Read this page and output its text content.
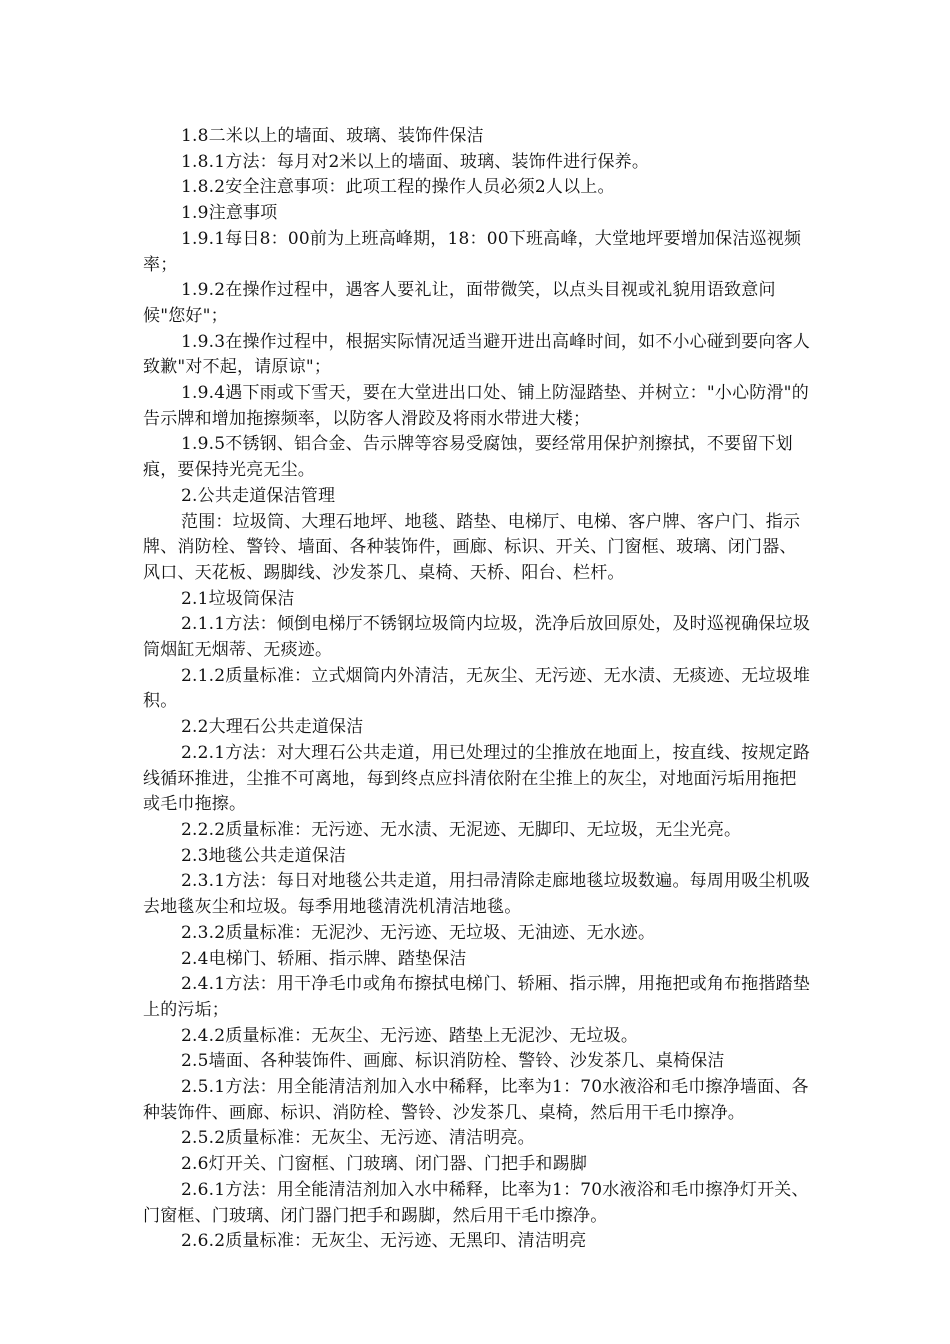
1.8二米以上的墙面、玻璃、装饰件保洁

1.8.1方法：每月对2米以上的墙面、玻璃、装饰件进行保养。

1.8.2安全注意事项：此项工程的操作人员必须2人以上。

1.9注意事项

1.9.1每日8：00前为上班高峰期，18：00下班高峰，大堂地坪要增加保洁巡视频率；

1.9.2在操作过程中，遇客人要礼让，面带微笑，以点头目视或礼貌用语致意问候"您好"；

1.9.3在操作过程中，根据实际情况适当避开进出高峰时间，如不小心碰到要向客人致歉"对不起，请原谅"；

1.9.4遇下雨或下雪天，要在大堂进出口处、铺上防湿踏垫、并树立："小心防滑"的告示牌和增加拖擦频率，以防客人滑跤及将雨水带进大楼；

1.9.5不锈钢、铝合金、告示牌等容易受腐蚀，要经常用保护剂擦拭，不要留下划痕，要保持光亮无尘。

2.公共走道保洁管理

范围：垃圾筒、大理石地坪、地毯、踏垫、电梯厅、电梯、客户牌、客户门、指示牌、消防栓、警铃、墙面、各种装饰件，画廊、标识、开关、门窗框、玻璃、闭门器、风口、天花板、踢脚线、沙发茶几、桌椅、天桥、阳台、栏杆。

2.1垃圾筒保洁

2.1.1方法：倾倒电梯厅不锈钢垃圾筒内垃圾，洗净后放回原处，及时巡视确保垃圾筒烟缸无烟蒂、无痰迹。

2.1.2质量标准：立式烟筒内外清洁，无灰尘、无污迹、无水渍、无痰迹、无垃圾堆积。

2.2大理石公共走道保洁

2.2.1方法：对大理石公共走道，用已处理过的尘推放在地面上，按直线、按规定路线循环推进，尘推不可离地，每到终点应抖清依附在尘推上的灰尘，对地面污垢用拖把或毛巾拖擦。

2.2.2质量标准：无污迹、无水渍、无泥迹、无脚印、无垃圾，无尘光亮。

2.3地毯公共走道保洁

2.3.1方法：每日对地毯公共走道，用扫帚清除走廊地毯垃圾数遍。每周用吸尘机吸去地毯灰尘和垃圾。每季用地毯清洗机清洁地毯。

2.3.2质量标准：无泥沙、无污迹、无垃圾、无油迹、无水迹。

2.4电梯门、轿厢、指示牌、踏垫保洁

2.4.1方法：用干净毛巾或角布擦拭电梯门、轿厢、指示牌，用拖把或角布拖揩踏垫上的污垢；

2.4.2质量标准：无灰尘、无污迹、踏垫上无泥沙、无垃圾。

2.5墙面、各种装饰件、画廊、标识消防栓、警铃、沙发茶几、桌椅保洁

2.5.1方法：用全能清洁剂加入水中稀释，比率为1：70水液浴和毛巾擦净墙面、各种装饰件、画廊、标识、消防栓、警铃、沙发茶几、桌椅，然后用干毛巾擦净。

2.5.2质量标准：无灰尘、无污迹、清洁明亮。

2.6灯开关、门窗框、门玻璃、闭门器、门把手和踢脚

2.6.1方法：用全能清洁剂加入水中稀释，比率为1：70水液浴和毛巾擦净灯开关、门窗框、门玻璃、闭门器门把手和踢脚，然后用干毛巾擦净。

2.6.2质量标准：无灰尘、无污迹、无黑印、清洁明亮
